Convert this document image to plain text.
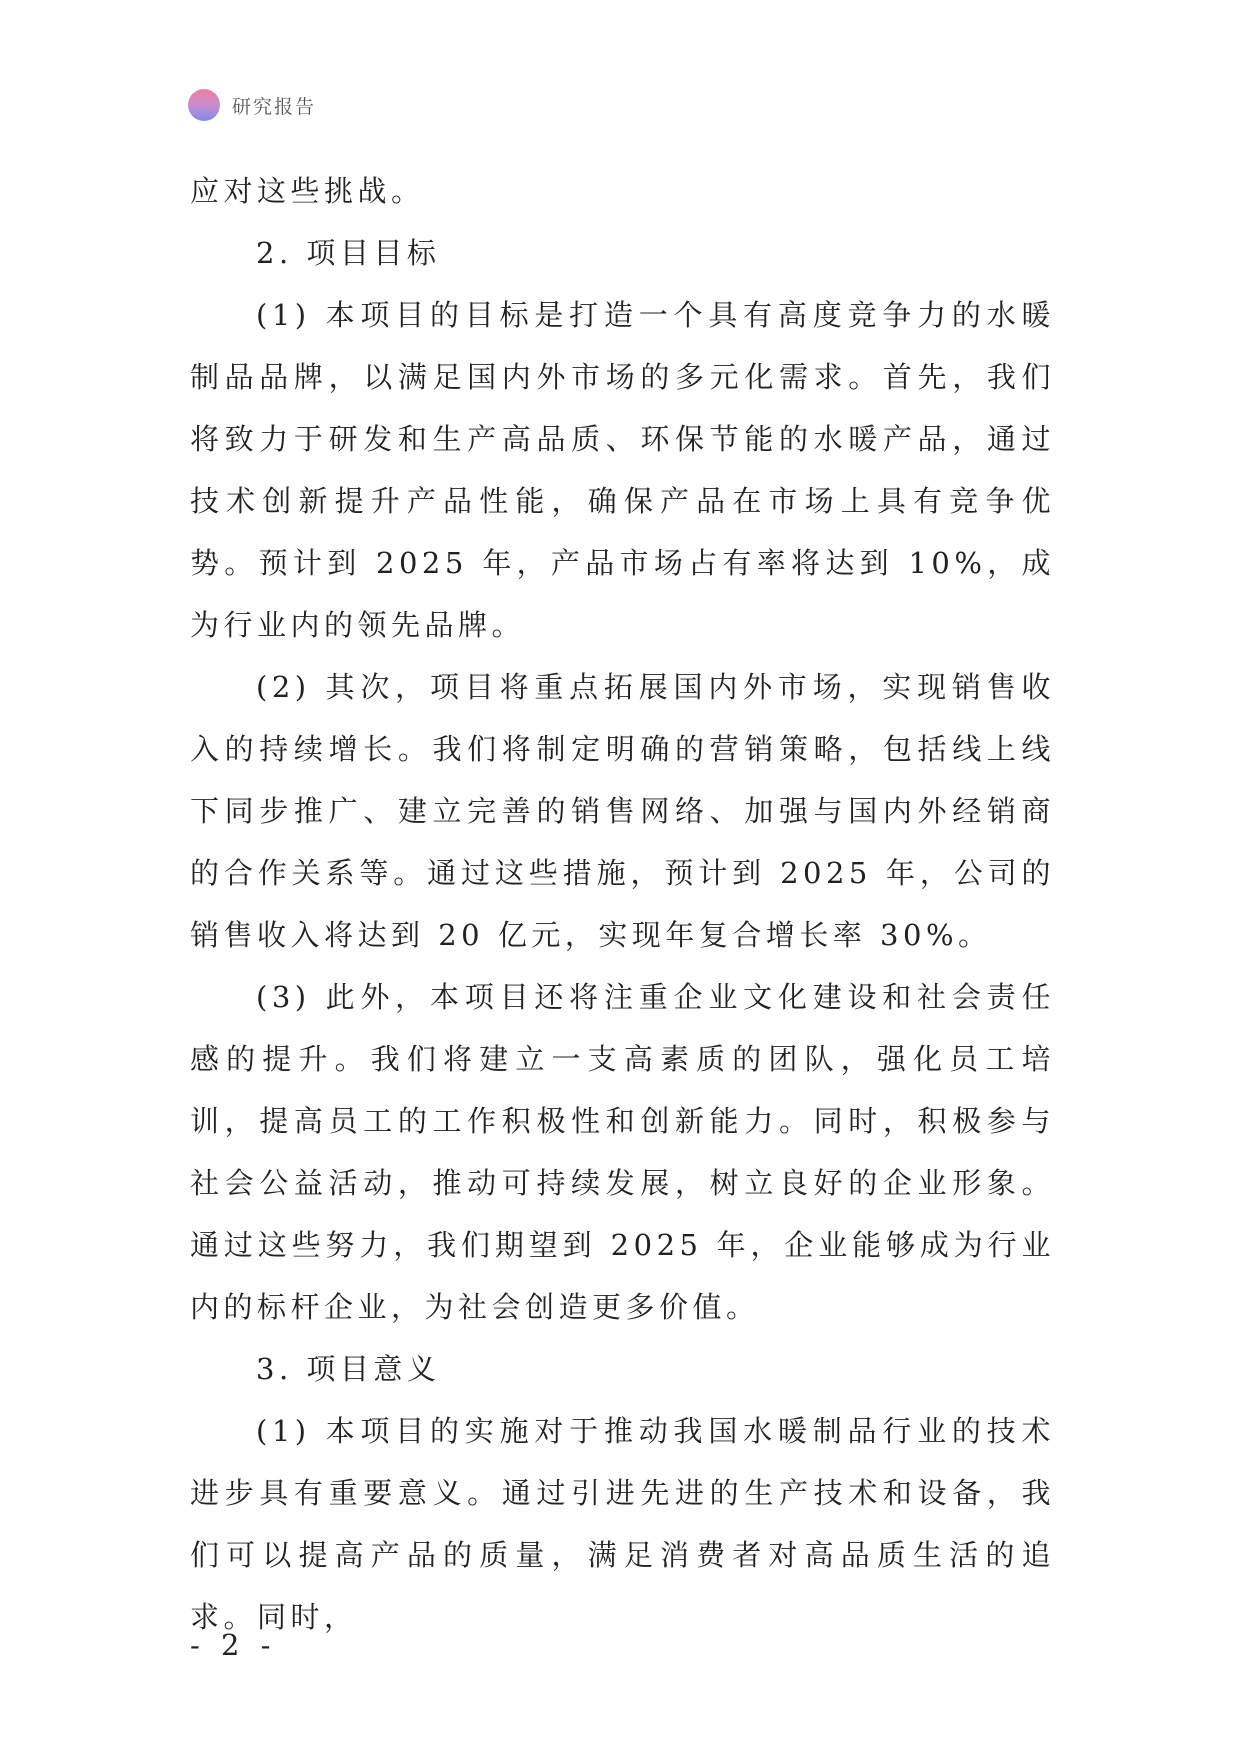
研究报告

应对这些挑战。

2. 项目目标

(1) 本项目的目标是打造一个具有高度竞争力的水暖制品品牌，以满足国内外市场的多元化需求。首先，我们将致力于研发和生产高品质、环保节能的水暖产品，通过技术创新提升产品性能，确保产品在市场上具有竞争优势。预计到 2025 年，产品市场占有率将达到 10%，成为行业内的领先品牌。

(2) 其次，项目将重点拓展国内外市场，实现销售收入的持续增长。我们将制定明确的营销策略，包括线上线下同步推广、建立完善的销售网络、加强与国内外经销商的合作关系等。通过这些措施，预计到 2025 年，公司的销售收入将达到 20 亿元，实现年复合增长率 30%。

(3) 此外，本项目还将注重企业文化建设和社会责任感的提升。我们将建立一支高素质的团队，强化员工培训，提高员工的工作积极性和创新能力。同时，积极参与社会公益活动，推动可持续发展，树立良好的企业形象。通过这些努力，我们期望到 2025 年，企业能够成为行业内的标杆企业，为社会创造更多价值。

3. 项目意义

(1) 本项目的实施对于推动我国水暖制品行业的技术进步具有重要意义。通过引进先进的生产技术和设备，我们可以提高产品的质量，满足消费者对高品质生活的追求。同时，

- 2 -
